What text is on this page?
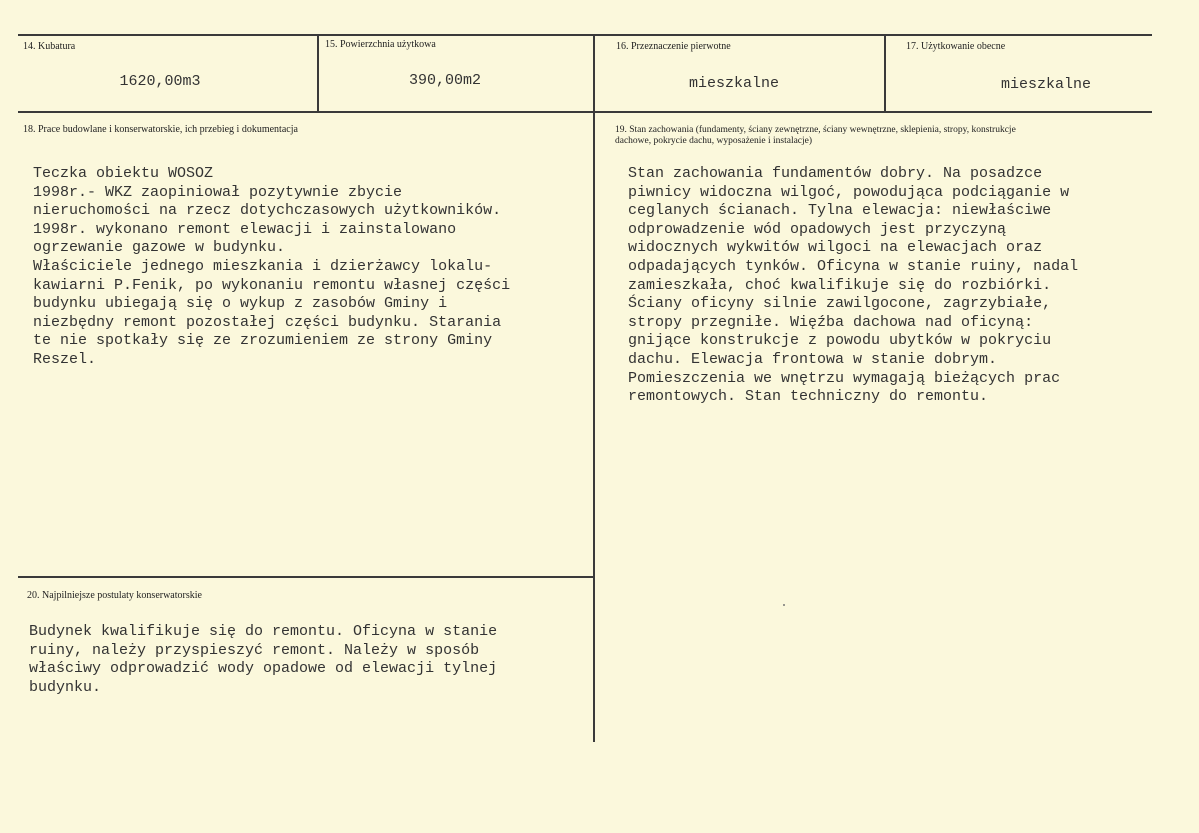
14. Kubatura
1620,00m3
15. Powierzchnia użytkowa
390,00m2
16. Przeznaczenie pierwotne
mieszkalne
17. Użytkowanie obecne
mieszkalne
18. Prace budowlane i konserwatorskie, ich przebieg i dokumentacja
Teczka obiektu WOSOZ
1998r.- WKZ zaopiniował pozytywnie zbycie
nieruchomości na rzecz dotychczasowych użytkowników.
1998r. wykonano remont elewacji i zainstalowano
ogrzewanie gazowe w budynku.
Właściciele jednego mieszkania i dzierżawcy lokalu-
kawiarni P.Fenik, po wykonaniu remontu własnej części
budynku ubiegają się o wykup z zasobów Gminy i
niezbędny remont pozostałej części budynku. Starania
te nie spotkały się ze zrozumieniem ze strony Gminy
Reszel.
19. Stan zachowania (fundamenty, ściany zewnętrzne, ściany wewnętrzne, sklepienia, stropy, konstrukcje
dachowe, pokrycie dachu, wyposażenie i instalacje)
Stan zachowania fundamentów dobry. Na posadzce
piwnicy widoczna wilgoć, powodująca podciąganie w
ceglanych ścianach. Tylna elewacja: niewłaściwe
odprowadzenie wód opadowych jest przyczyną
widocznych wykwitów wilgoci na elewacjach oraz
odpadających tynków. Oficyna w stanie ruiny, nadal
zamieszkała, choć kwalifikuje się do rozbiórki.
Ściany oficyny silnie zawilgocone, zagrzybiałe,
stropy przegniłe. Więźba dachowa nad oficyną:
gnijące konstrukcje z powodu ubytków w pokryciu
dachu. Elewacja frontowa w stanie dobrym.
Pomieszczenia we wnętrzu wymagają bieżących prac
remontowych. Stan techniczny do remontu.
20. Najpilniejsze postulaty konserwatorskie
Budynek kwalifikuje się do remontu. Oficyna w stanie
ruiny, należy przyspieszyć remont. Należy w sposób
właściwy odprowadzić wody opadowe od elewacji tylnej
budynku.
